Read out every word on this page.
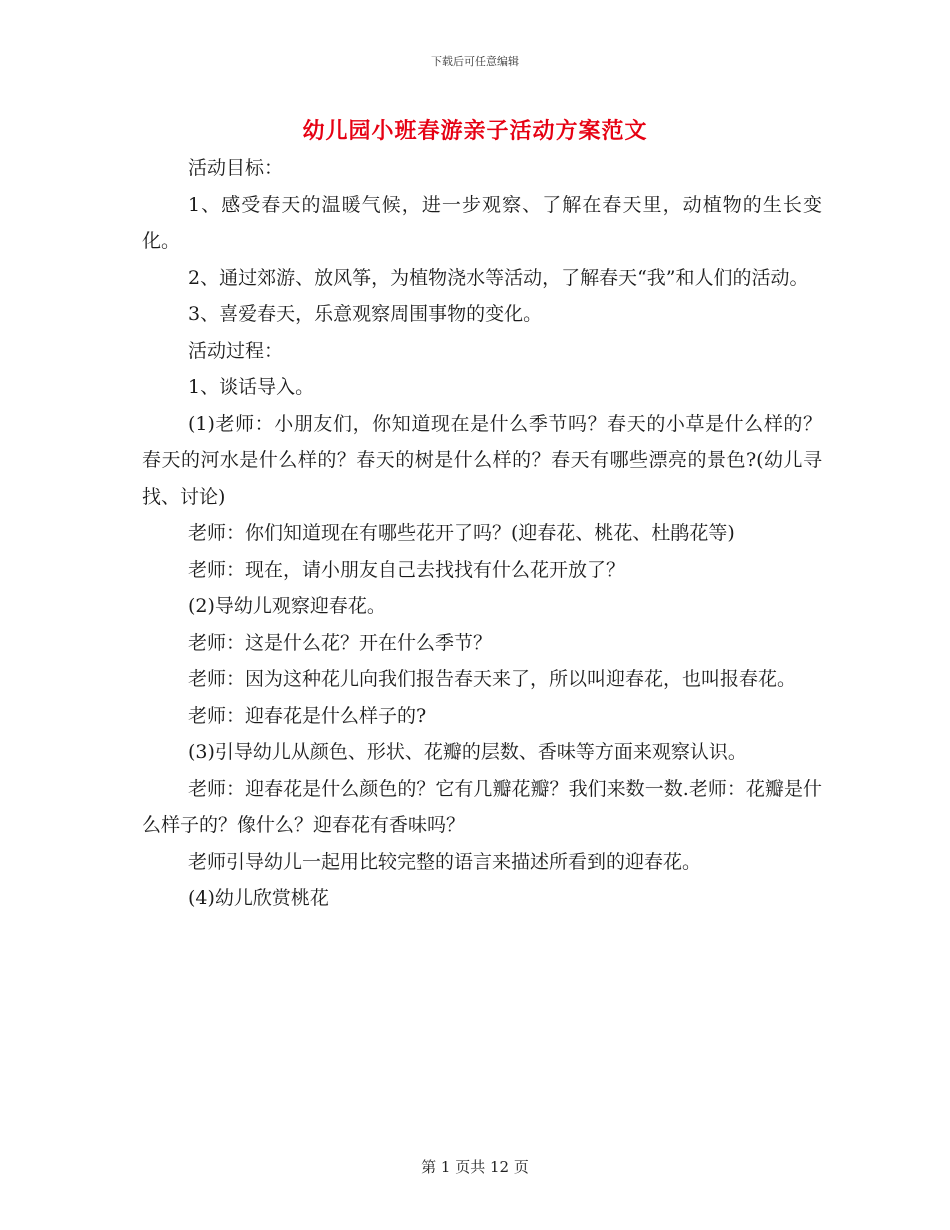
下载后可任意编辑
幼儿园小班春游亲子活动方案范文

活动目标：

1、感受春天的温暖气候，进一步观察、了解在春天里，动植物的生长变化。

2、通过郊游、放风筝，为植物浇水等活动，了解春天“我”和人们的活动。

3、喜爱春天，乐意观察周围事物的变化。

活动过程：

1、谈话导入。

(1)老师：小朋友们，你知道现在是什么季节吗？春天的小草是什么样的？春天的河水是什么样的？春天的树是什么样的？春天有哪些漂亮的景色?(幼儿寻找、讨论)

老师：你们知道现在有哪些花开了吗？(迎春花、桃花、杜鹃花等)

老师：现在，请小朋友自己去找找有什么花开放了？

(2)导幼儿观察迎春花。

老师：这是什么花？开在什么季节？

老师：因为这种花儿向我们报告春天来了，所以叫迎春花，也叫报春花。

老师：迎春花是什么样子的?

(3)引导幼儿从颜色、形状、花瓣的层数、香味等方面来观察认识。

老师：迎春花是什么颜色的？它有几瓣花瓣？我们来数一数.老师：花瓣是什么样子的？像什么？迎春花有香味吗？

老师引导幼儿一起用比较完整的语言来描述所看到的迎春花。

(4)幼儿欣赏桃花

第 1 页共 12 页
